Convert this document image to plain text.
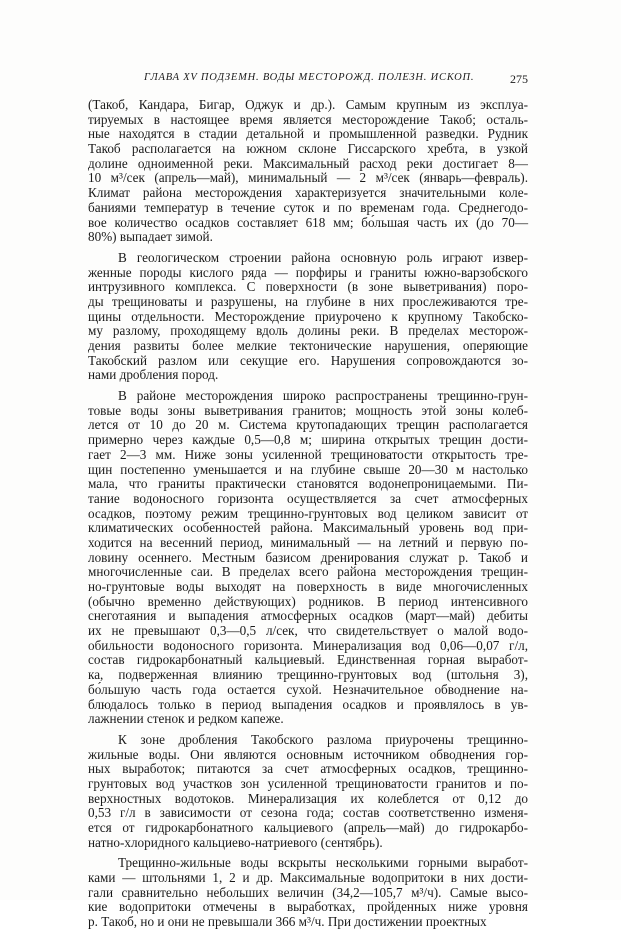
ГЛАВА XV ПОДЗЕМН. ВОДЫ МЕСТОРОЖД. ПОЛЕЗН. ИСКОП.	275
(Такоб, Кандара, Бигар, Оджук и др.). Самым крупным из эксплуа-
тируемых в настоящее время является месторождение Такоб; осталь-
ные находятся в стадии детальной и промышленной разведки. Рудник
Такоб располагается на южном склоне Гиссарского хребта, в узкой
долине одноименной реки. Максимальный расход реки достигает 8—
10 м³/сек (апрель—май), минимальный — 2 м³/сек (январь—февраль).
Климат района месторождения характеризуется значительными коле-
баниями температур в течение суток и по временам года. Среднегодо-
вое количество осадков составляет 618 мм; бо́льшая часть их (до 70—
80%) выпадает зимой.
В геологическом строении района основную роль играют извер-
женные породы кислого ряда — порфиры и граниты южно-варзобского
интрузивного комплекса. С поверхности (в зоне выветривания) поро-
ды трещиноваты и разрушены, на глубине в них прослеживаются тре-
щины отдельности. Месторождение приурочено к крупному Такобско-
му разлому, проходящему вдоль долины реки. В пределах месторож-
дения развиты более мелкие тектонические нарушения, оперяющие
Такобский разлом или секущие его. Нарушения сопровождаются зо-
нами дробления пород.
В районе месторождения широко распространены трещинно-грун-
товые воды зоны выветривания гранитов; мощность этой зоны колеб-
лется от 10 до 20 м. Система крутопадающих трещин располагается
примерно через каждые 0,5—0,8 м; ширина открытых трещин дости-
гает 2—3 мм. Ниже зоны усиленной трещиноватости открытость тре-
щин постепенно уменьшается и на глубине свыше 20—30 м настолько
мала, что граниты практически становятся водонепроницаемыми. Пи-
тание водоносного горизонта осуществляется за счет атмосферных
осадков, поэтому режим трещинно-грунтовых вод целиком зависит от
климатических особенностей района. Максимальный уровень вод при-
ходится на весенний период, минимальный — на летний и первую по-
ловину осеннего. Местным базисом дренирования служат р. Такоб и
многочисленные саи. В пределах всего района месторождения трещин-
но-грунтовые воды выходят на поверхность в виде многочисленных
(обычно временно действующих) родников. В период интенсивного
снеготаяния и выпадения атмосферных осадков (март—май) дебиты
их не превышают 0,3—0,5 л/сек, что свидетельствует о малой водо-
обильности водоносного горизонта. Минерализация вод 0,06—0,07 г/л,
состав гидрокарбонатный кальциевый. Единственная горная выработ-
ка, подверженная влиянию трещинно-грунтовых вод (штольня 3),
бо́льшую часть года остается сухой. Незначительное обводнение на-
блюдалось только в период выпадения осадков и проявлялось в ув-
лажнении стенок и редком капеже.
К зоне дробления Такобского разлома приурочены трещинно-
жильные воды. Они являются основным источником обводнения гор-
ных выработок; питаются за счет атмосферных осадков, трещинно-
грунтовых вод участков зон усиленной трещиноватости гранитов и по-
верхностных водотоков. Минерализация их колеблется от 0,12 до
0,53 г/л в зависимости от сезона года; состав соответственно изменя-
ется от гидрокарбонатного кальциевого (апрель—май) до гидрокарбо-
натно-хлоридного кальциево-натриевого (сентябрь).
Трещинно-жильные воды вскрыты несколькими горными выработ-
ками — штольнями 1, 2 и др. Максимальные водопритоки в них дости-
гали сравнительно небольших величин (34,2—105,7 м³/ч). Самые высо-
кие водопритоки отмечены в выработках, пройденных ниже уровня
р. Такоб, но и они не превышали 366 м³/ч. При достижении проектных
